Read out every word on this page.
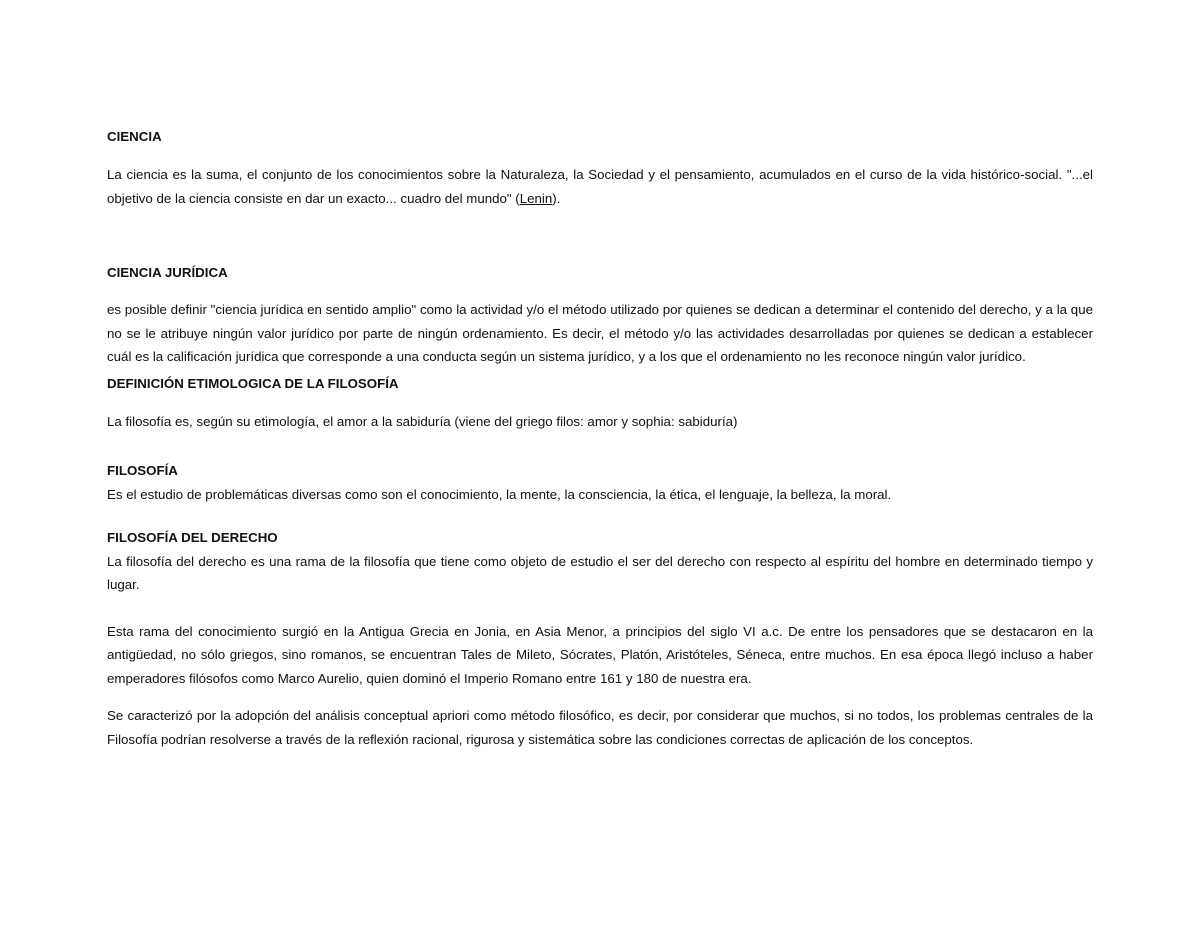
CIENCIA

La ciencia es la suma, el conjunto de los conocimientos sobre la Naturaleza, la Sociedad y el pensamiento, acumulados en el curso de la vida histórico-social. "...el objetivo de la ciencia consiste en dar un exacto... cuadro del mundo" (Lenin).

CIENCIA JURÍDICA

es posible definir "ciencia jurídica en sentido amplio" como la actividad y/o el método utilizado por quienes se dedican a determinar el contenido del derecho, y a la que no se le atribuye ningún valor jurídico por parte de ningún ordenamiento. Es decir, el método y/o las actividades desarrolladas por quienes se dedican a establecer cuál es la calificación jurídica que corresponde a una conducta según un sistema jurídico, y a los que el ordenamiento no les reconoce ningún valor jurídico.

DEFINICIÓN ETIMOLOGICA DE LA FILOSOFÍA

La filosofía es, según su etimología, el amor a la sabiduría (viene del griego filos: amor y sophia: sabiduría)

FILOSOFÍA

Es el estudio de problemáticas diversas como son el conocimiento, la mente, la consciencia, la ética, el lenguaje, la belleza, la moral.

FILOSOFÍA DEL DERECHO

La filosofía del derecho es una rama de la filosofía que tiene como objeto de estudio el ser del derecho con respecto al espíritu del hombre en determinado tiempo y lugar.

Esta rama del conocimiento surgió en la Antigua Grecia en Jonia, en Asia Menor, a principios del siglo VI a.c. De entre los pensadores que se destacaron en la antigüedad, no sólo griegos, sino romanos, se encuentran Tales de Mileto, Sócrates, Platón, Aristóteles, Séneca, entre muchos. En esa época llegó incluso a haber emperadores filósofos como Marco Aurelio, quien dominó el Imperio Romano entre 161 y 180 de nuestra era.

Se caracterizó por la adopción del análisis conceptual apriori como método filosófico, es decir, por considerar que muchos, si no todos, los problemas centrales de la Filosofía podrían resolverse a través de la reflexión racional, rigurosa y sistemática sobre las condiciones correctas de aplicación de los conceptos.
